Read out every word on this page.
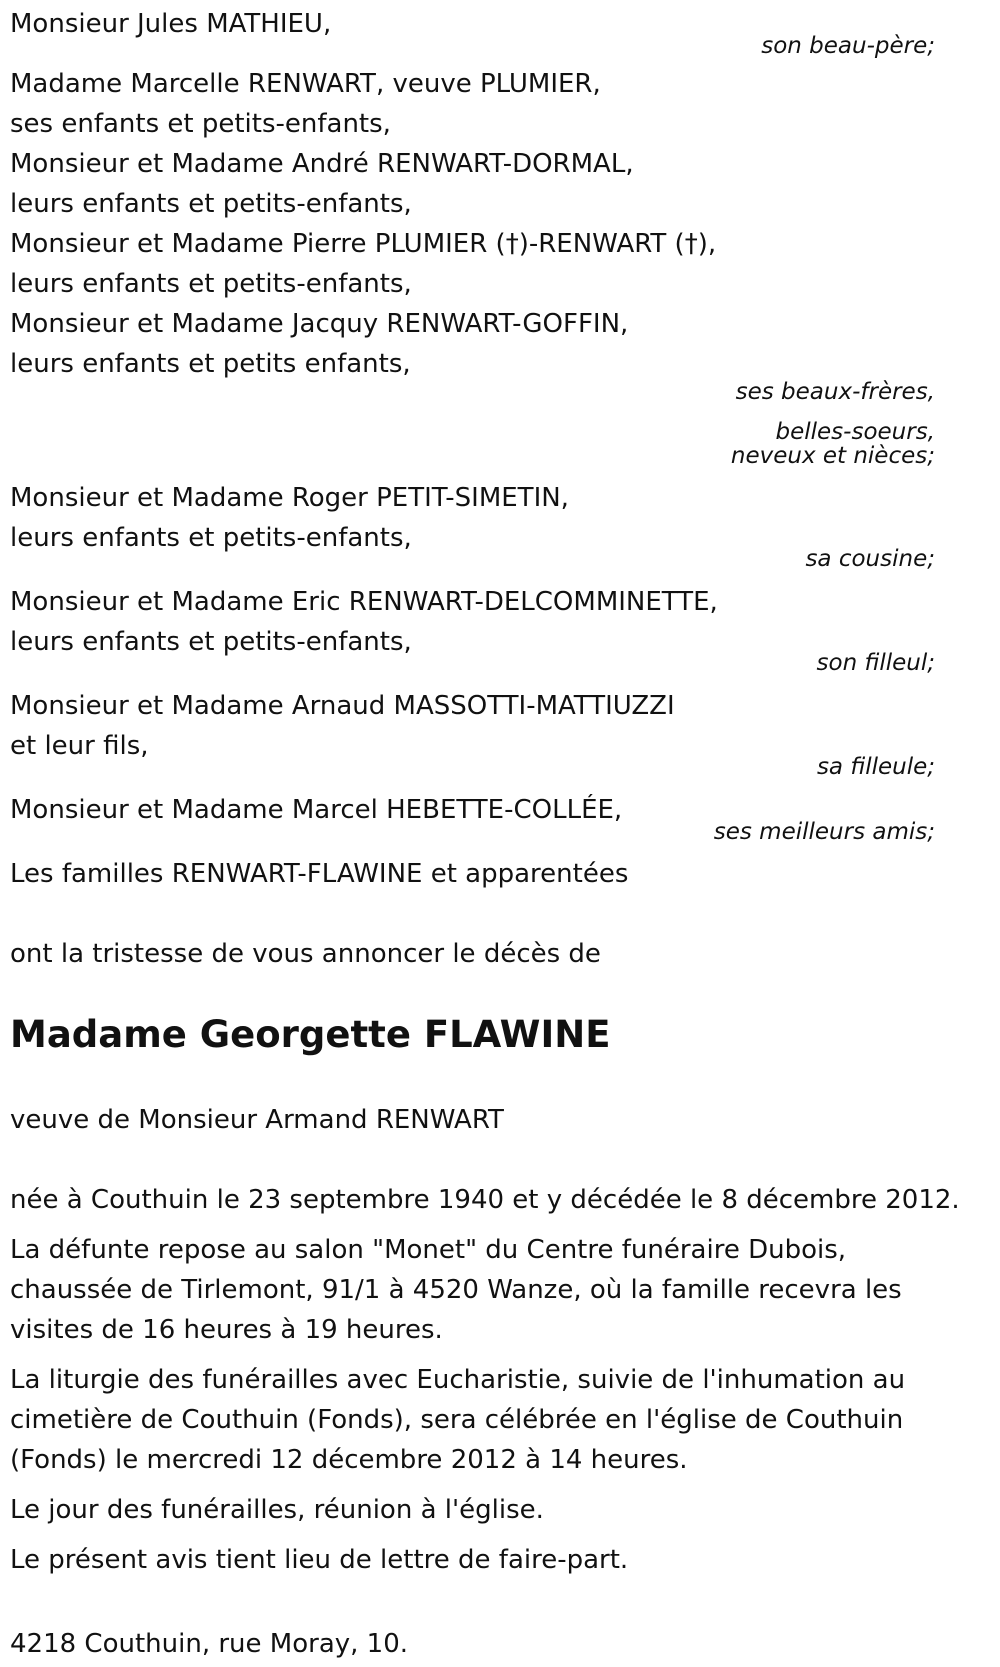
Monsieur Jules MATHIEU,
son beau-père;
Madame Marcelle RENWART, veuve PLUMIER,
ses enfants et petits-enfants,
Monsieur et Madame André RENWART-DORMAL,
leurs enfants et petits-enfants,
Monsieur et Madame Pierre PLUMIER (†)-RENWART (†),
leurs enfants et petits-enfants,
Monsieur et Madame Jacquy RENWART-GOFFIN,
leurs enfants et petits enfants,
ses beaux-frères,
belles-soeurs,
neveux et nièces;
Monsieur et Madame Roger PETIT-SIMETIN,
leurs enfants et petits-enfants,
sa cousine;
Monsieur et Madame Eric RENWART-DELCOMMINETTE,
leurs enfants et petits-enfants,
son filleul;
Monsieur et Madame Arnaud MASSOTTI-MATTIUZZI
et leur fils,
sa filleule;
Monsieur et Madame Marcel HEBETTE-COLLÉE,
ses meilleurs amis;
Les familles RENWART-FLAWINE et apparentées
ont la tristesse de vous annoncer le décès de
Madame Georgette FLAWINE
veuve de Monsieur Armand RENWART
née à Couthuin le 23 septembre 1940 et y décédée le 8 décembre 2012.
La défunte repose au salon "Monet" du Centre funéraire Dubois,
chaussée de Tirlemont, 91/1 à 4520 Wanze, où la famille recevra les
visites de 16 heures à 19 heures.
La liturgie des funérailles avec Eucharistie, suivie de l'inhumation au
cimetière de Couthuin (Fonds), sera célébrée en l'église de Couthuin
(Fonds) le mercredi 12 décembre 2012 à 14 heures.
Le jour des funérailles, réunion à l'église.
Le présent avis tient lieu de lettre de faire-part.
4218 Couthuin, rue Moray, 10.
